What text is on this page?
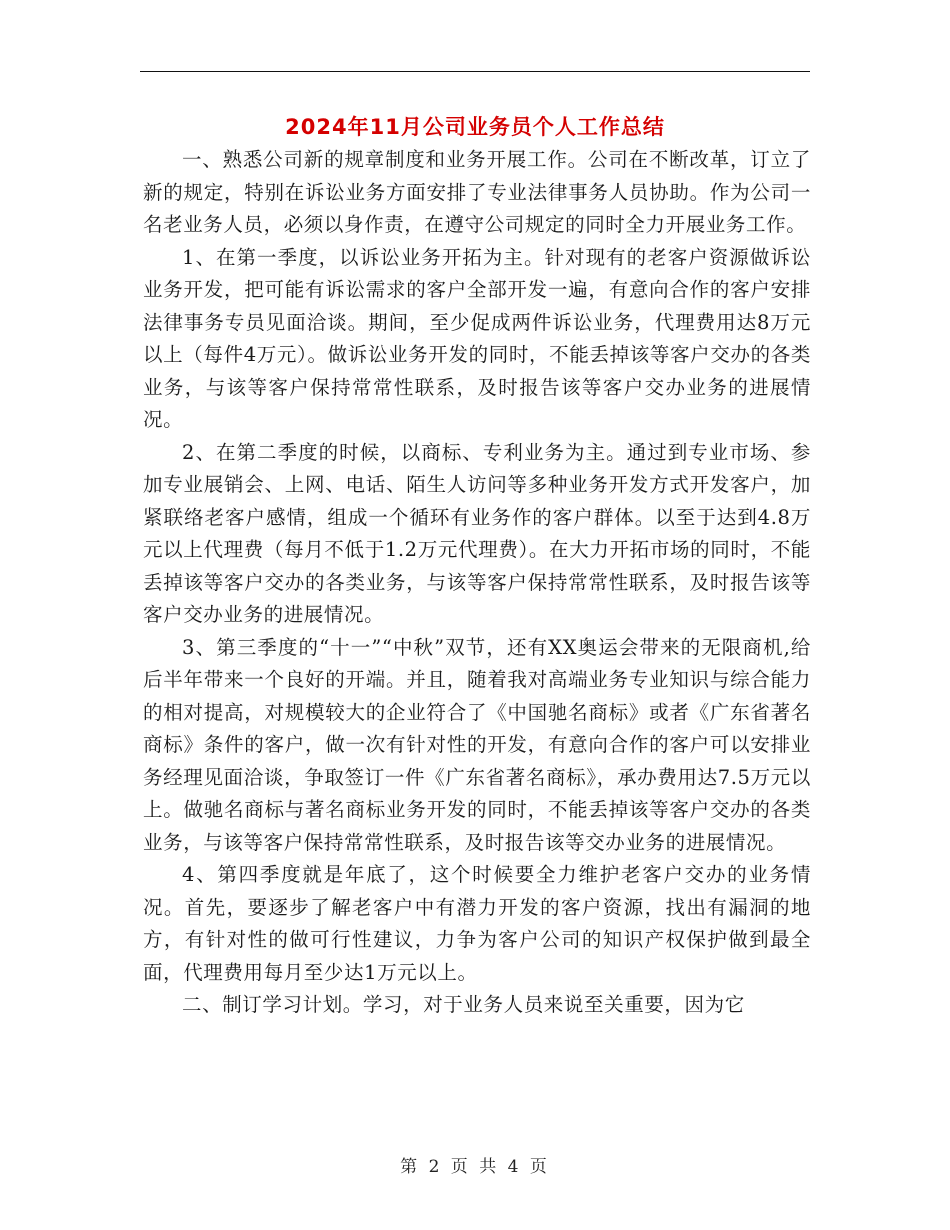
2024年11月公司业务员个人工作总结

一、熟悉公司新的规章制度和业务开展工作。公司在不断改革，订立了新的规定，特别在诉讼业务方面安排了专业法律事务人员协助。作为公司一名老业务人员，必须以身作责，在遵守公司规定的同时全力开展业务工作。

1、在第一季度，以诉讼业务开拓为主。针对现有的老客户资源做诉讼业务开发，把可能有诉讼需求的客户全部开发一遍，有意向合作的客户安排法律事务专员见面洽谈。期间，至少促成两件诉讼业务，代理费用达8万元以上（每件4万元）。做诉讼业务开发的同时，不能丢掉该等客户交办的各类业务，与该等客户保持常常性联系，及时报告该等客户交办业务的进展情况。

2、在第二季度的时候，以商标、专利业务为主。通过到专业市场、参加专业展销会、上网、电话、陌生人访问等多种业务开发方式开发客户，加紧联络老客户感情，组成一个循环有业务作的客户群体。以至于达到4.8万元以上代理费（每月不低于1.2万元代理费）。在大力开拓市场的同时，不能丢掉该等客户交办的各类业务，与该等客户保持常常性联系，及时报告该等客户交办业务的进展情况。

3、第三季度的“十一”“中秋”双节，还有XX奥运会带来的无限商机,给后半年带来一个良好的开端。并且，随着我对高端业务专业知识与综合能力的相对提高，对规模较大的企业符合了《中国驰名商标》或者《广东省著名商标》条件的客户，做一次有针对性的开发，有意向合作的客户可以安排业务经理见面洽谈，争取签订一件《广东省著名商标》，承办费用达7.5万元以上。做驰名商标与著名商标业务开发的同时，不能丢掉该等客户交办的各类业务，与该等客户保持常常性联系，及时报告该等交办业务的进展情况。

4、第四季度就是年底了，这个时候要全力维护老客户交办的业务情况。首先，要逐步了解老客户中有潜力开发的客户资源，找出有漏洞的地方，有针对性的做可行性建议，力争为客户公司的知识产权保护做到最全面，代理费用每月至少达1万元以上。

二、制订学习计划。学习，对于业务人员来说至关重要，因为它

第 2 页 共 4 页
